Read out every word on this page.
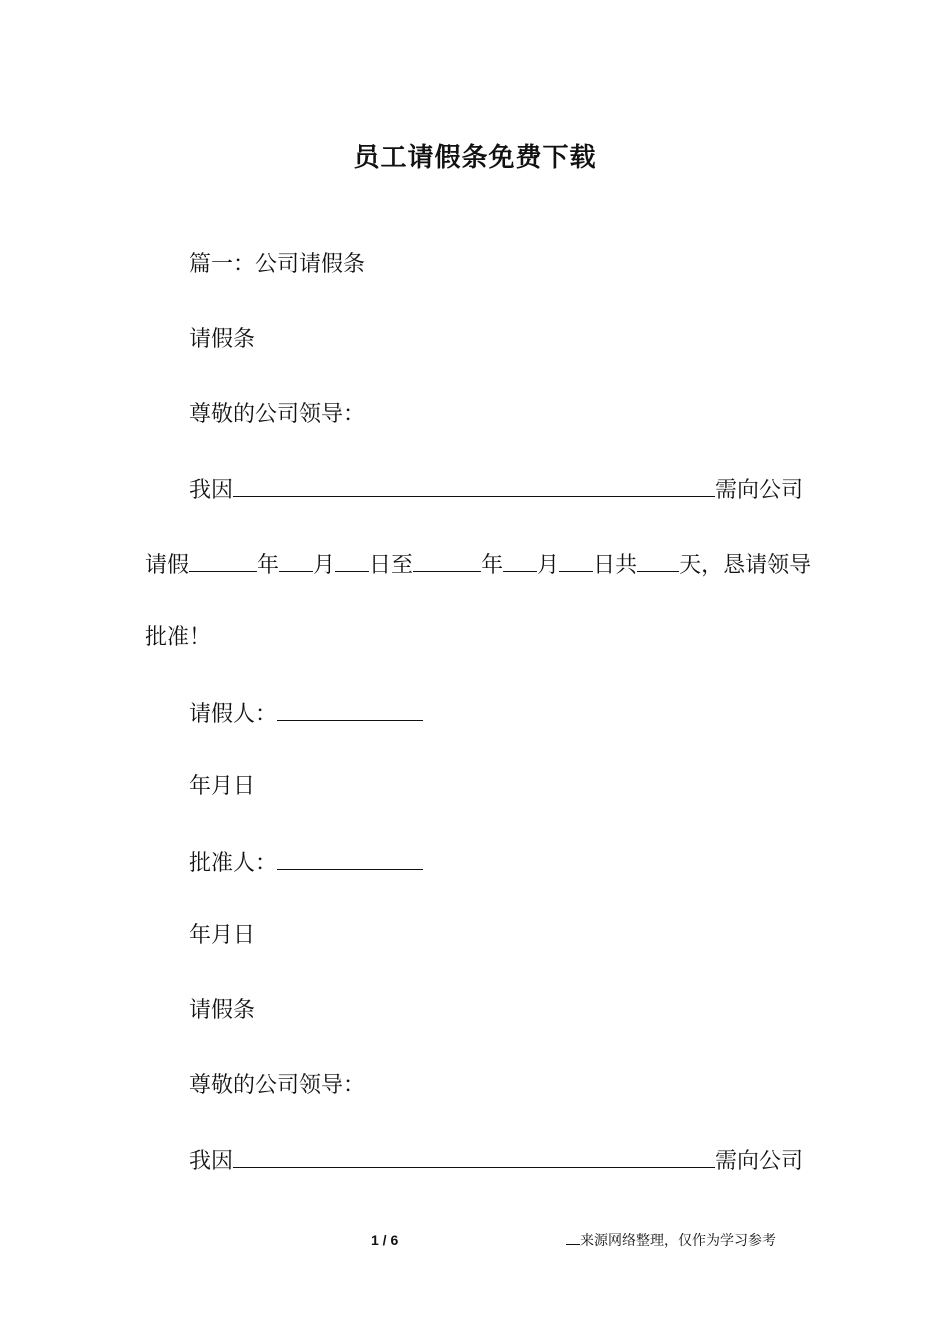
员工请假条免费下载
篇一：公司请假条
请假条
尊敬的公司领导：
我因	需向公司
请假	年 月 日至	年 月 日共 天，恳请领导
批准！
请假人：
年月日
批准人：
年月日
请假条
尊敬的公司领导：
我因	需向公司
1 / 6	来源网络整理，仅作为学习参考
